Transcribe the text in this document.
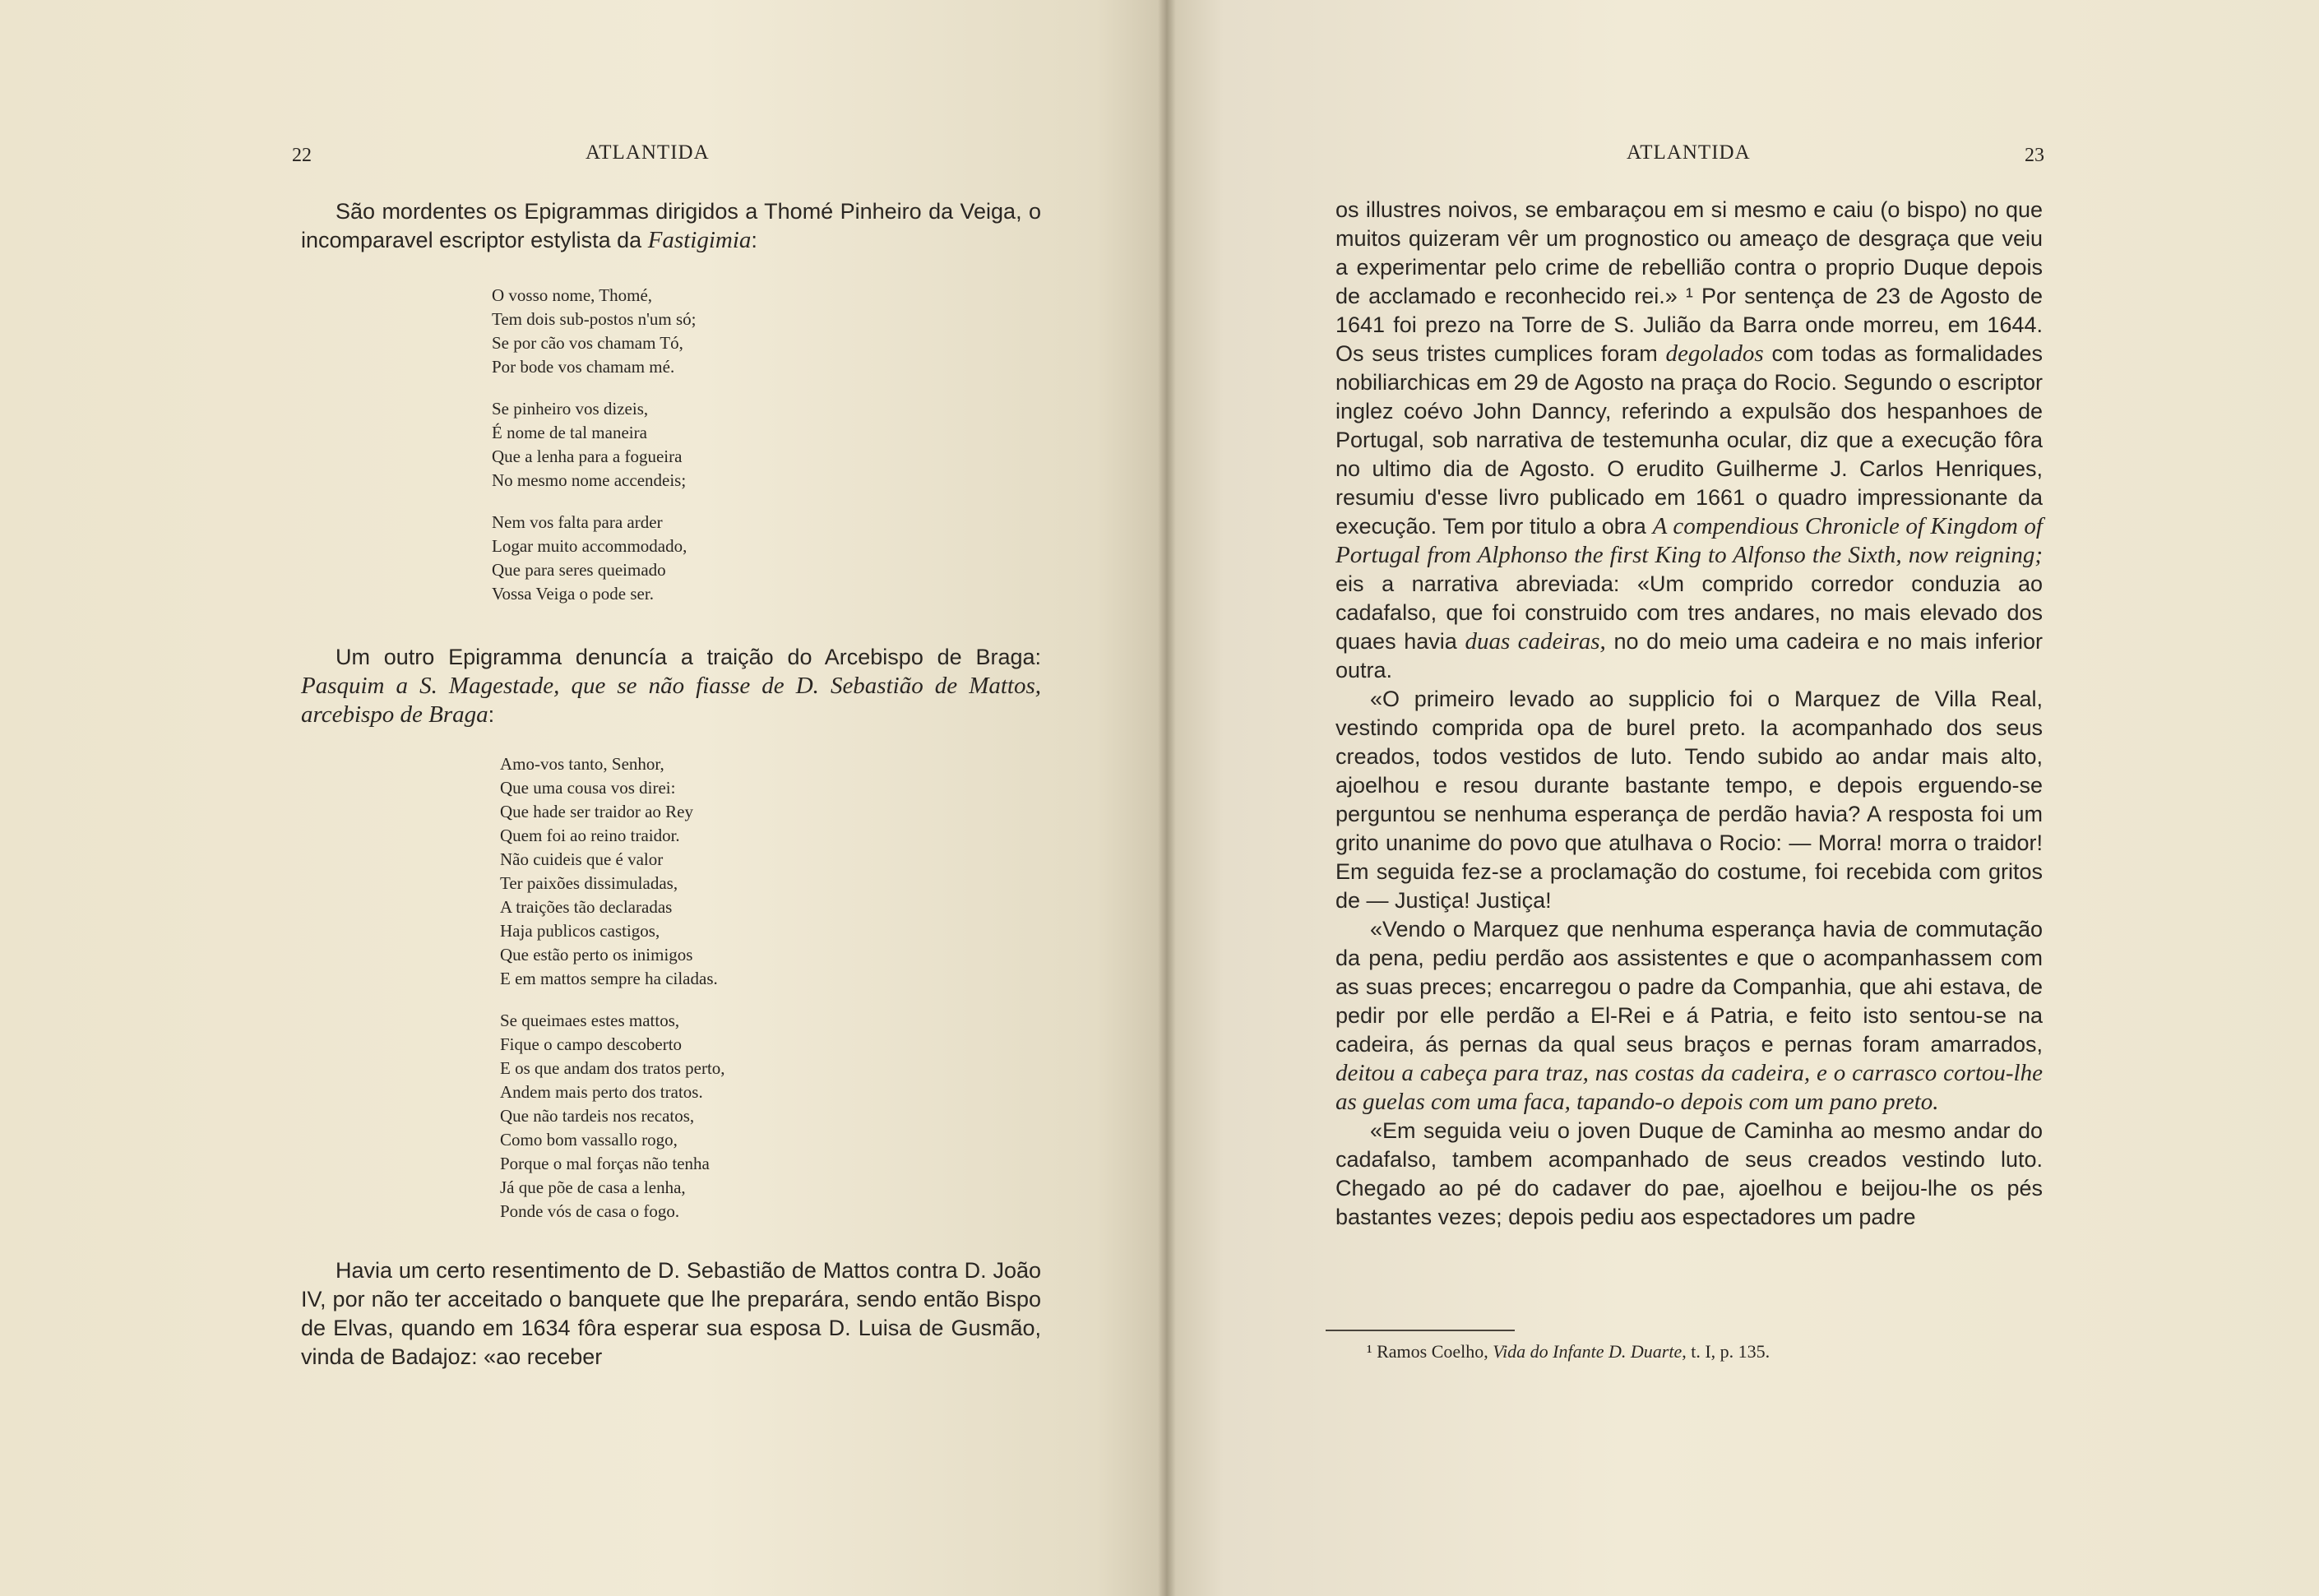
22	ATLANTIDA

São mordentes os Epigrammas dirigidos a Thomé Pinheiro da Veiga, o incomparavel escriptor estylista da Fastigimia:

O vosso nome, Thomé,
Tem dois sub-postos n'um só;
Se por cão vos chamam Tó,
Por bode vos chamam mé.
Se pinheiro vos dizeis,
É nome de tal maneira
Que a lenha para a fogueira
No mesmo nome accendeis;
Nem vos falta para arder
Logar muito accommodado,
Que para seres queimado
Vossa Veiga o pode ser.

Um outro Epigramma denuncía a traição do Arcebispo de Braga: Pasquim a S. Magestade, que se não fiasse de D. Sebastião de Mattos, arcebispo de Braga:

Amo-vos tanto, Senhor,
Que uma cousa vos direi:
Que hade ser traidor ao Rey
Quem foi ao reino traidor.
Não cuideis que é valor
Ter paixões dissimuladas,
A traições tão declaradas
Haja publicos castigos,
Que estão perto os inimigos
E em mattos sempre ha ciladas.
Se queimaes estes mattos,
Fique o campo descoberto
E os que andam dos tratos perto,
Andem mais perto dos tratos.
Que não tardeis nos recatos,
Como bom vassallo rogo,
Porque o mal forças não tenha
Já que põe de casa a lenha,
Ponde vós de casa o fogo.

Havia um certo resentimento de D. Sebastião de Mattos contra D. João IV, por não ter acceitado o banquete que lhe preparára, sendo então Bispo de Elvas, quando em 1634 fôra esperar sua esposa D. Luisa de Gusmão, vinda de Badajoz: «ao receber

ATLANTIDA	23

os illustres noivos, se embaraçou em si mesmo e caiu (o bispo) no que muitos quizeram vêr um prognostico ou ameaço de desgraça que veiu a experimentar pelo crime de rebellião contra o proprio Duque depois de acclamado e reconhecido rei.» ¹ Por sentença de 23 de Agosto de 1641 foi prezo na Torre de S. Julião da Barra onde morreu, em 1644. Os seus tristes cumplices foram degolados com todas as formalidades nobiliarchicas em 29 de Agosto na praça do Rocio. Segundo o escriptor inglez coévo John Danncy, referindo a expulsão dos hespanhoes de Portugal, sob narrativa de testemunha ocular, diz que a execução fôra no ultimo dia de Agosto. O erudito Guilherme J. Carlos Henriques, resumiu d'esse livro publicado em 1661 o quadro impressionante da execução. Tem por titulo a obra A compendious Chronicle of Kingdom of Portugal from Alphonso the first King to Alfonso the Sixth, now reigning; eis a narrativa abreviada: «Um comprido corredor conduzia ao cadafalso, que foi construido com tres andares, no mais elevado dos quaes havia duas cadeiras, no do meio uma cadeira e no mais inferior outra.

«O primeiro levado ao supplicio foi o Marquez de Villa Real, vestindo comprida opa de burel preto. Ia acompanhado dos seus creados, todos vestidos de luto. Tendo subido ao andar mais alto, ajoelhou e resou durante bastante tempo, e depois erguendo-se perguntou se nenhuma esperança de perdão havia? A resposta foi um grito unanime do povo que atulhava o Rocio: — Morra! morra o traidor! Em seguida fez-se a proclamação do costume, foi recebida com gritos de — Justiça! Justiça!

«Vendo o Marquez que nenhuma esperança havia de commutação da pena, pediu perdão aos assistentes e que o acompanhassem com as suas preces; encarregou o padre da Companhia, que ahi estava, de pedir por elle perdão a El-Rei e á Patria, e feito isto sentou-se na cadeira, ás pernas da qual seus braços e pernas foram amarrados, deitou a cabeça para traz, nas costas da cadeira, e o carrasco cortou-lhe as guelas com uma faca, tapando-o depois com um pano preto.

«Em seguida veiu o joven Duque de Caminha ao mesmo andar do cadafalso, tambem acompanhado de seus creados vestindo luto. Chegado ao pé do cadaver do pae, ajoelhou e beijou-lhe os pés bastantes vezes; depois pediu aos espectadores um padre

¹ Ramos Coelho, Vida do Infante D. Duarte, t. I, p. 135.
